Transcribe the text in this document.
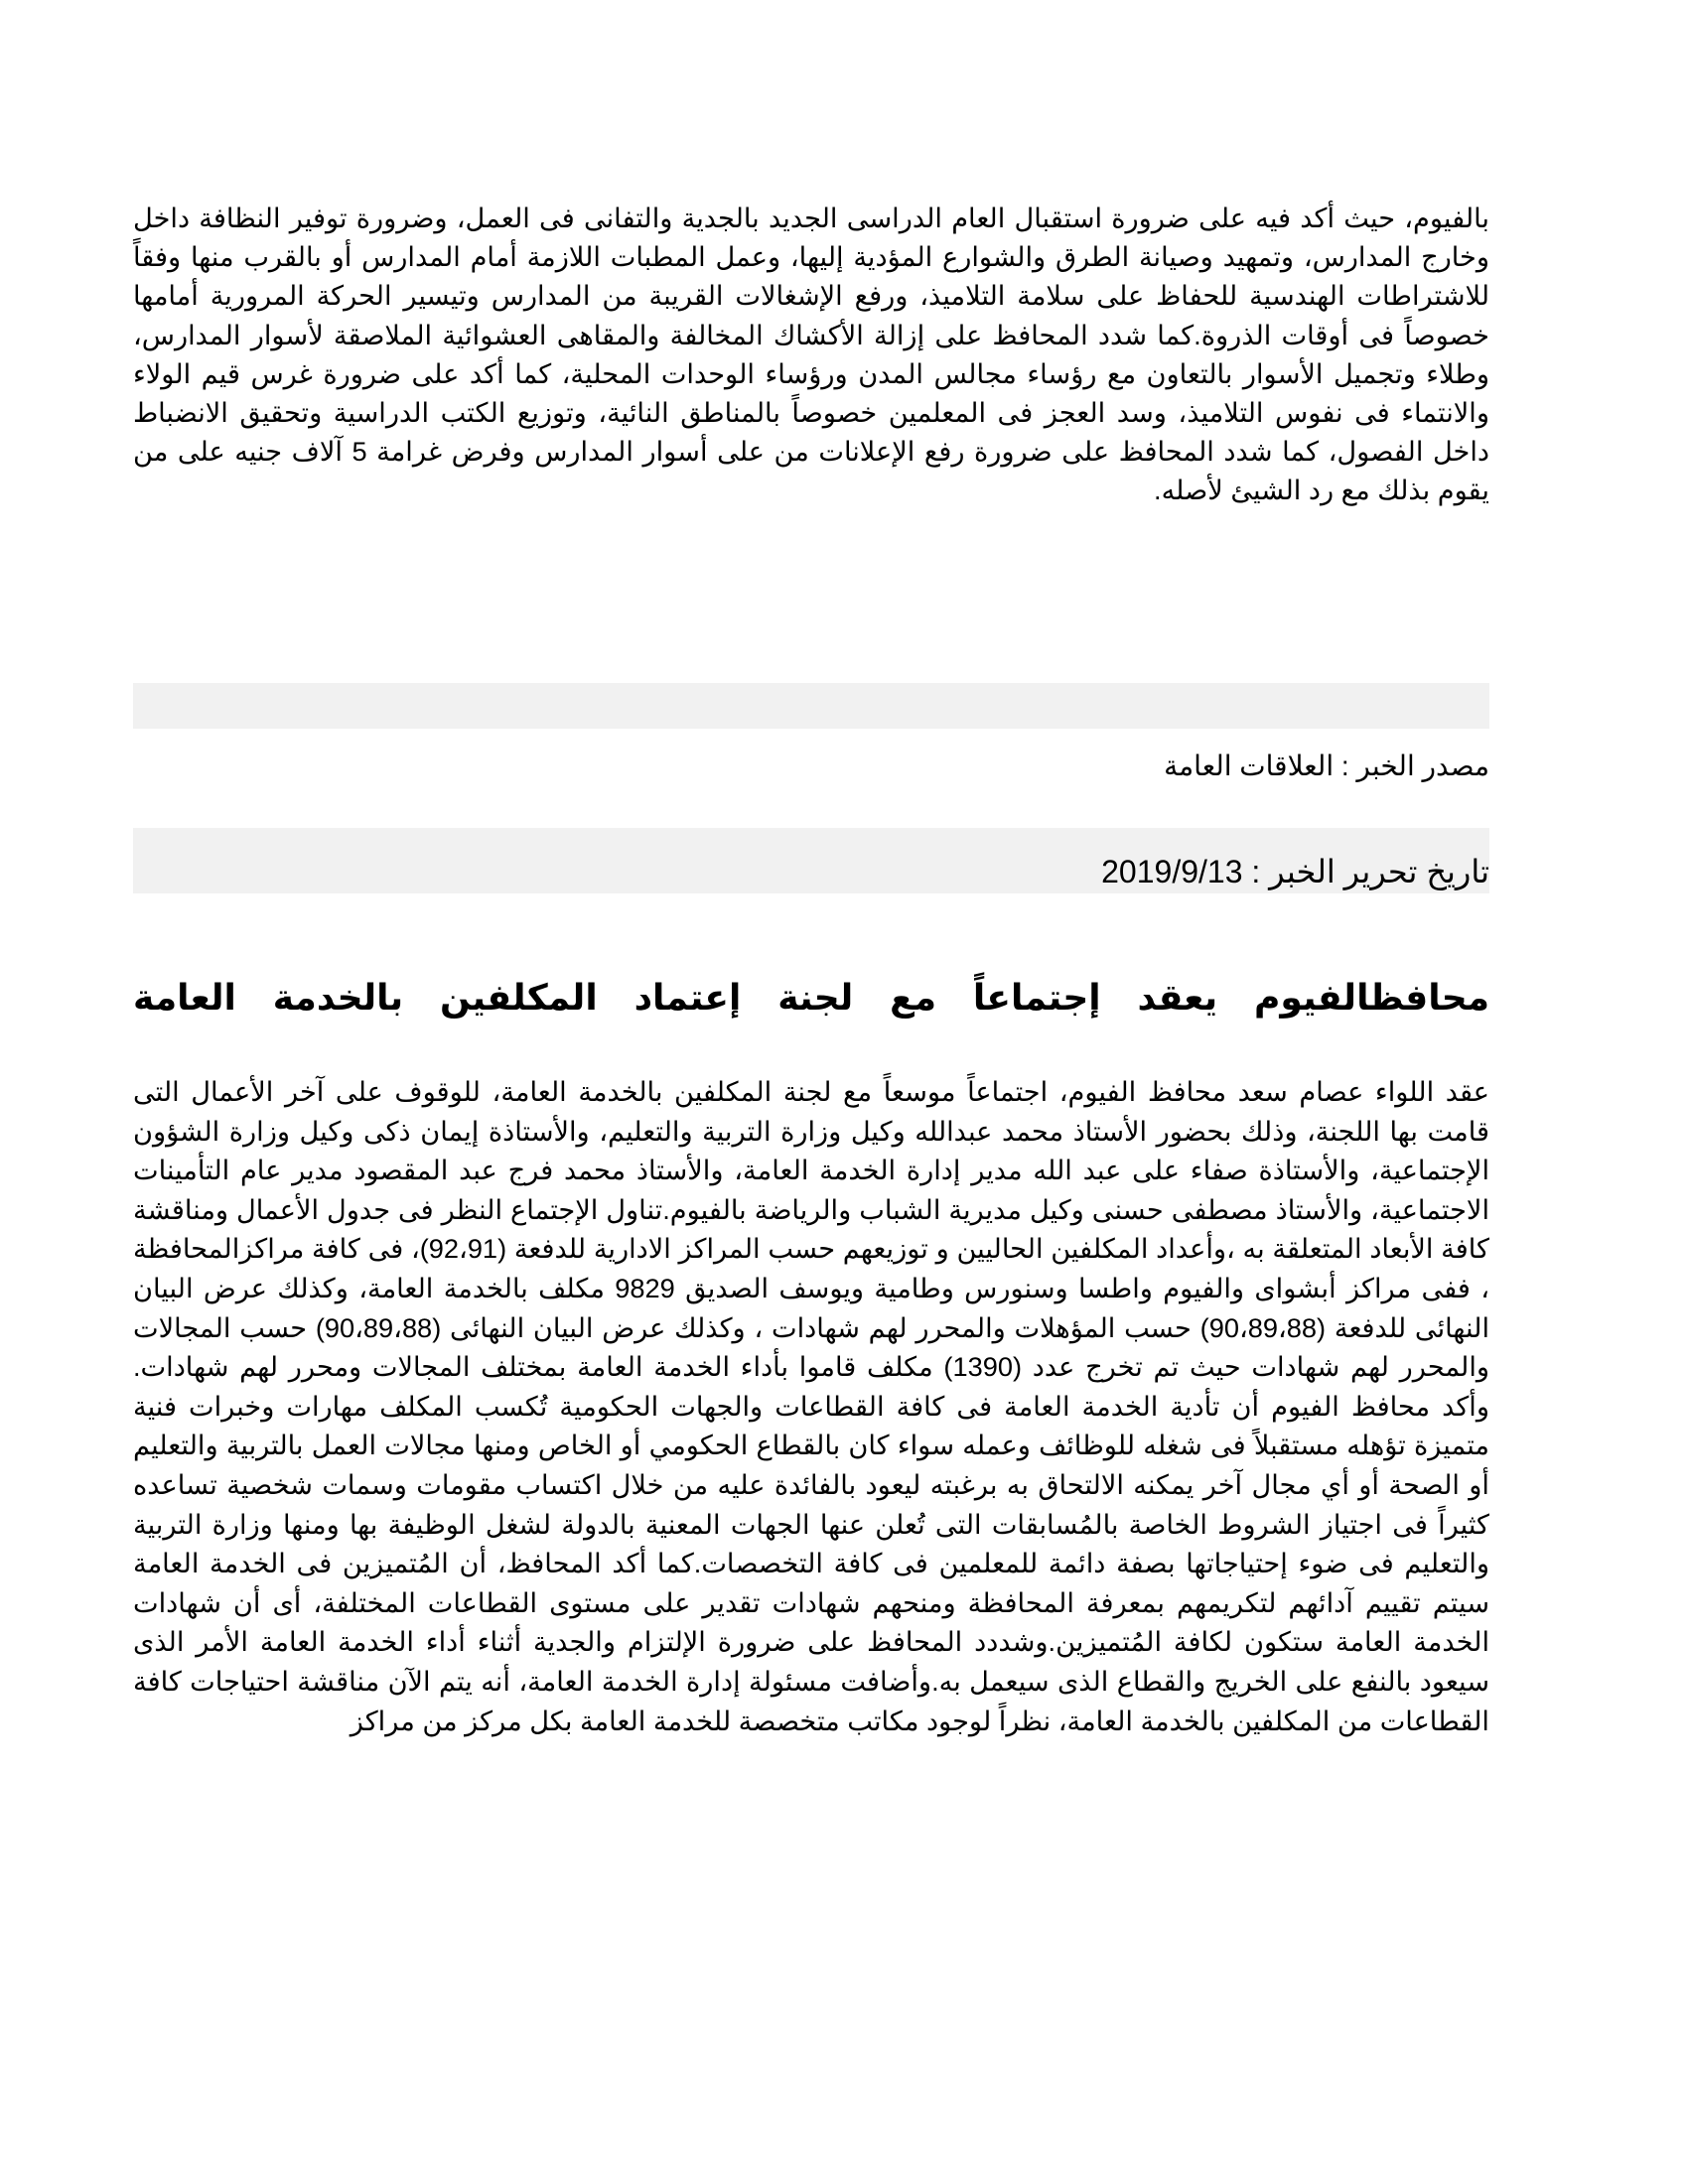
بالفيوم، حيث أكد فيه على ضرورة استقبال العام الدراسى الجديد بالجدية والتفانى فى العمل، وضرورة توفير النظافة داخل وخارج المدارس، وتمهيد وصيانة الطرق والشوارع المؤدية إليها، وعمل المطبات اللازمة أمام المدارس أو بالقرب منها وفقاً للاشتراطات الهندسية للحفاظ على سلامة التلاميذ، ورفع الإشغالات القريبة من المدارس وتيسير الحركة المرورية أمامها خصوصاً فى أوقات الذروة.كما شدد المحافظ على إزالة الأكشاك المخالفة والمقاهى العشوائية الملاصقة لأسوار المدارس، وطلاء وتجميل الأسوار بالتعاون مع رؤساء مجالس المدن ورؤساء الوحدات المحلية، كما أكد على ضرورة غرس قيم الولاء والانتماء فى نفوس التلاميذ، وسد العجز فى المعلمين خصوصاً بالمناطق النائية، وتوزيع الكتب الدراسية وتحقيق الانضباط داخل الفصول، كما شدد المحافظ على ضرورة رفع الإعلانات من على أسوار المدارس وفرض غرامة 5 آلاف جنيه على من يقوم بذلك مع رد الشيئ لأصله.

مصدر الخبر : العلاقات العامة
تاريخ تحرير الخبر : 2019/9/13
محافظالفيوم يعقد إجتماعاً مع لجنة إعتماد المكلفين بالخدمة العامة

عقد اللواء عصام سعد محافظ الفيوم، اجتماعاً موسعاً مع لجنة المكلفين بالخدمة العامة، للوقوف على آخر الأعمال التى قامت بها اللجنة، وذلك بحضور الأستاذ محمد عبدالله وكيل وزارة التربية والتعليم، والأستاذة إيمان ذكى وكيل وزارة الشؤون الإجتماعية، والأستاذة صفاء على عبد الله مدير إدارة الخدمة العامة، والأستاذ محمد فرج عبد المقصود مدير عام التأمينات الاجتماعية، والأستاذ مصطفى حسنى وكيل مديرية الشباب والرياضة بالفيوم.تناول الإجتماع النظر فى جدول الأعمال ومناقشة كافة الأبعاد المتعلقة به ،وأعداد المكلفين الحاليين و توزيعهم حسب المراكز الادارية للدفعة (92،91)، فى كافة مراكزالمحافظة ، ففى مراكز أبشواى والفيوم واطسا وسنورس وطامية ويوسف الصديق 9829 مكلف بالخدمة العامة، وكذلك عرض البيان النهائى للدفعة (90،89،88) حسب المؤهلات والمحرر لهم شهادات ، وكذلك عرض البيان النهائى (90،89،88) حسب المجالات والمحرر لهم شهادات حيث تم تخرج عدد (1390) مكلف قاموا بأداء الخدمة العامة بمختلف المجالات ومحرر لهم شهادات. وأكد محافظ الفيوم أن تأدية الخدمة العامة فى كافة القطاعات والجهات الحكومية تُكسب المكلف مهارات وخبرات فنية متميزة تؤهله مستقبلاً فى شغله للوظائف وعمله سواء كان بالقطاع الحكومي أو الخاص ومنها مجالات العمل بالتربية والتعليم أو الصحة أو أي مجال آخر يمكنه الالتحاق به برغبته ليعود بالفائدة عليه من خلال اكتساب مقومات وسمات شخصية تساعده كثيراً فى اجتياز الشروط الخاصة بالمُسابقات التى تُعلن عنها الجهات المعنية بالدولة لشغل الوظيفة بها ومنها وزارة التربية والتعليم فى ضوء إحتياجاتها بصفة دائمة للمعلمين فى كافة التخصصات.كما أكد المحافظ، أن المُتميزين فى الخدمة العامة سيتم تقييم آدائهم لتكريمهم بمعرفة المحافظة ومنحهم شهادات تقدير على مستوى القطاعات المختلفة، أى أن شهادات الخدمة العامة ستكون لكافة المُتميزين.وشددد المحافظ على ضرورة الإلتزام والجدية أثناء أداء الخدمة العامة الأمر الذى سيعود بالنفع على الخريج والقطاع الذى سيعمل به.وأضافت مسئولة إدارة الخدمة العامة، أنه يتم الآن مناقشة احتياجات كافة القطاعات من المكلفين بالخدمة العامة، نظراً لوجود مكاتب متخصصة للخدمة العامة بكل مركز من مراكز
